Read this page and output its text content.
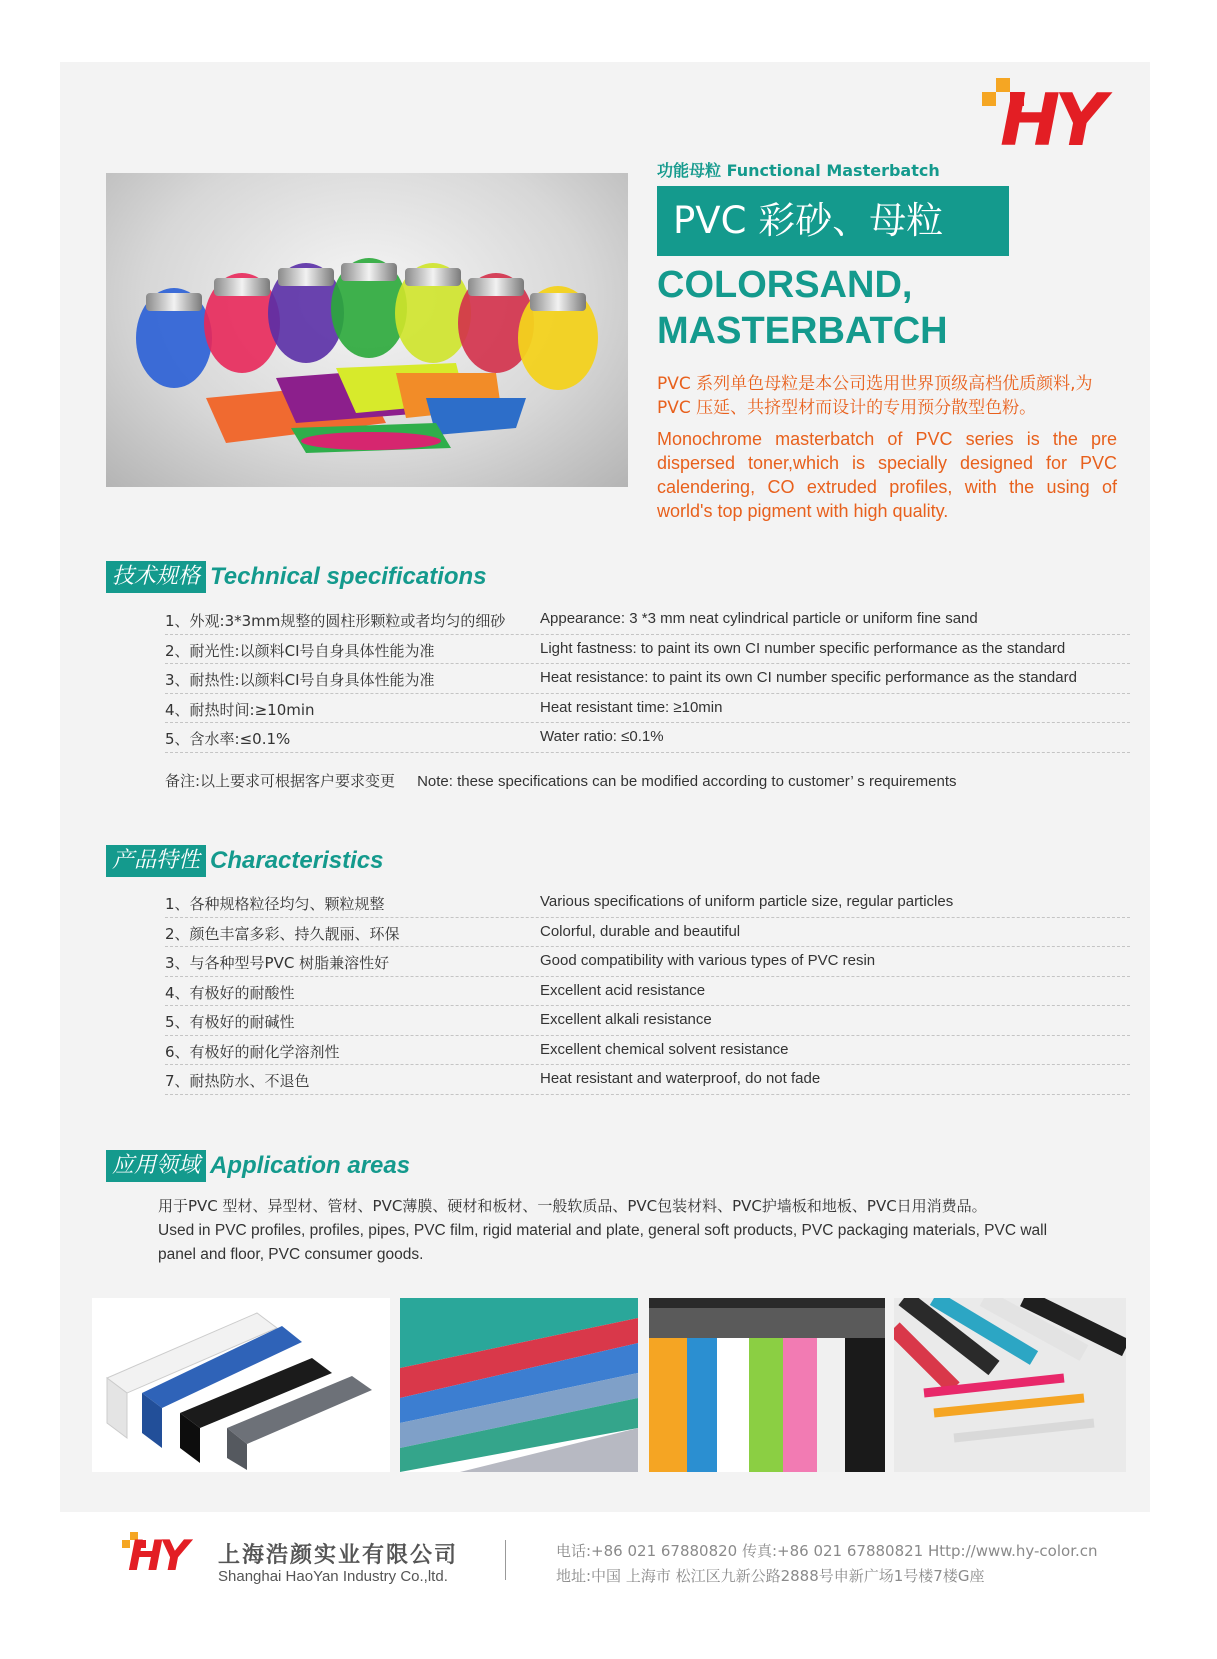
HY
功能母粒 Functional Masterbatch
PVC 彩砂、母粒
COLORSAND,
MASTERBATCH
PVC 系列单色母粒是本公司选用世界顶级高档优质颜料,为PVC 压延、共挤型材而设计的专用预分散型色粉。
Monochrome masterbatch of PVC series is the pre dispersed toner,which is specially designed for PVC calendering, CO extruded profiles, with the using of world's top pigment with high quality.
技术规格 Technical specifications
1、外观:3*3mm规整的圆柱形颗粒或者均匀的细砂 Appearance: 3 *3 mm neat cylindrical particle or uniform fine sand
2、耐光性:以颜料CI号自身具体性能为准	Light fastness: to paint its own CI number specific performance as the standard
3、耐热性:以颜料CI号自身具体性能为准	Heat resistance: to paint its own CI number specific performance as the standard
4、耐热时间:≥10min	Heat resistant time: ≥10min
5、含水率:≤0.1%	Water ratio: ≤0.1%
备注:以上要求可根据客户要求变更 Note: these specifications can be modified according to customer’ s requirements
产品特性 Characteristics
1、各种规格粒径均匀、颗粒规整	Various specifications of uniform particle size, regular particles
2、颜色丰富多彩、持久靓丽、环保	Colorful, durable and beautiful
3、与各种型号PVC 树脂兼溶性好	Good compatibility with various types of PVC resin
4、有极好的耐酸性	Excellent acid resistance
5、有极好的耐碱性	Excellent alkali resistance
6、有极好的耐化学溶剂性	Excellent chemical solvent resistance
7、耐热防水、不退色	Heat resistant and waterproof, do not fade
应用领域 Application areas
用于PVC 型材、异型材、管材、PVC薄膜、硬材和板材、一般软质品、PVC包装材料、PVC护墙板和地板、PVC日用消费品。
Used in PVC profiles, profiles, pipes, PVC film, rigid material and plate, general soft products, PVC packaging materials, PVC wall panel and floor, PVC consumer goods.
HY 上海浩颜实业有限公司
Shanghai HaoYan Industry Co.,ltd.
电话:+86 021 67880820 传真:+86 021 67880821 Http://www.hy-color.cn
地址:中国 上海市 松江区九新公路2888号申新广场1号楼7楼G座
